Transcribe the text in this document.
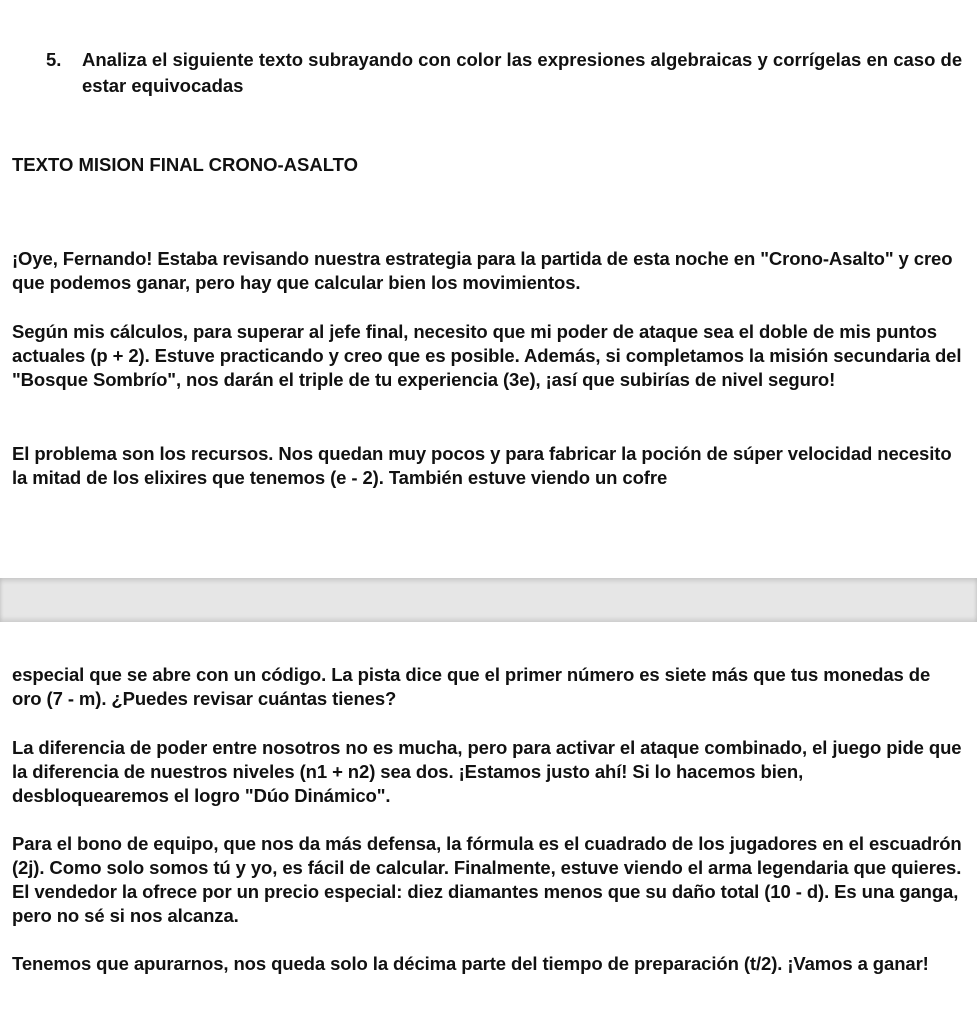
5. Analiza el siguiente texto subrayando con color las expresiones algebraicas y corrígelas en caso de estar equivocadas

TEXTO MISION FINAL CRONO-ASALTO

¡Oye, Fernando! Estaba revisando nuestra estrategia para la partida de esta noche en "Crono-Asalto" y creo que podemos ganar, pero hay que calcular bien los movimientos.

Según mis cálculos, para superar al jefe final, necesito que mi poder de ataque sea el doble de mis puntos actuales (p + 2). Estuve practicando y creo que es posible. Además, si completamos la misión secundaria del "Bosque Sombrío", nos darán el triple de tu experiencia (3e), ¡así que subirías de nivel seguro!

El problema son los recursos. Nos quedan muy pocos y para fabricar la poción de súper velocidad necesito la mitad de los elixires que tenemos (e - 2). También estuve viendo un cofre

especial que se abre con un código. La pista dice que el primer número es siete más que tus monedas de oro (7 - m). ¿Puedes revisar cuántas tienes?

La diferencia de poder entre nosotros no es mucha, pero para activar el ataque combinado, el juego pide que la diferencia de nuestros niveles (n1 + n2) sea dos. ¡Estamos justo ahí! Si lo hacemos bien, desbloquearemos el logro "Dúo Dinámico".

Para el bono de equipo, que nos da más defensa, la fórmula es el cuadrado de los jugadores en el escuadrón (2j). Como solo somos tú y yo, es fácil de calcular. Finalmente, estuve viendo el arma legendaria que quieres. El vendedor la ofrece por un precio especial: diez diamantes menos que su daño total (10 - d). Es una ganga, pero no sé si nos alcanza.

Tenemos que apurarnos, nos queda solo la décima parte del tiempo de preparación (t/2). ¡Vamos a ganar!
